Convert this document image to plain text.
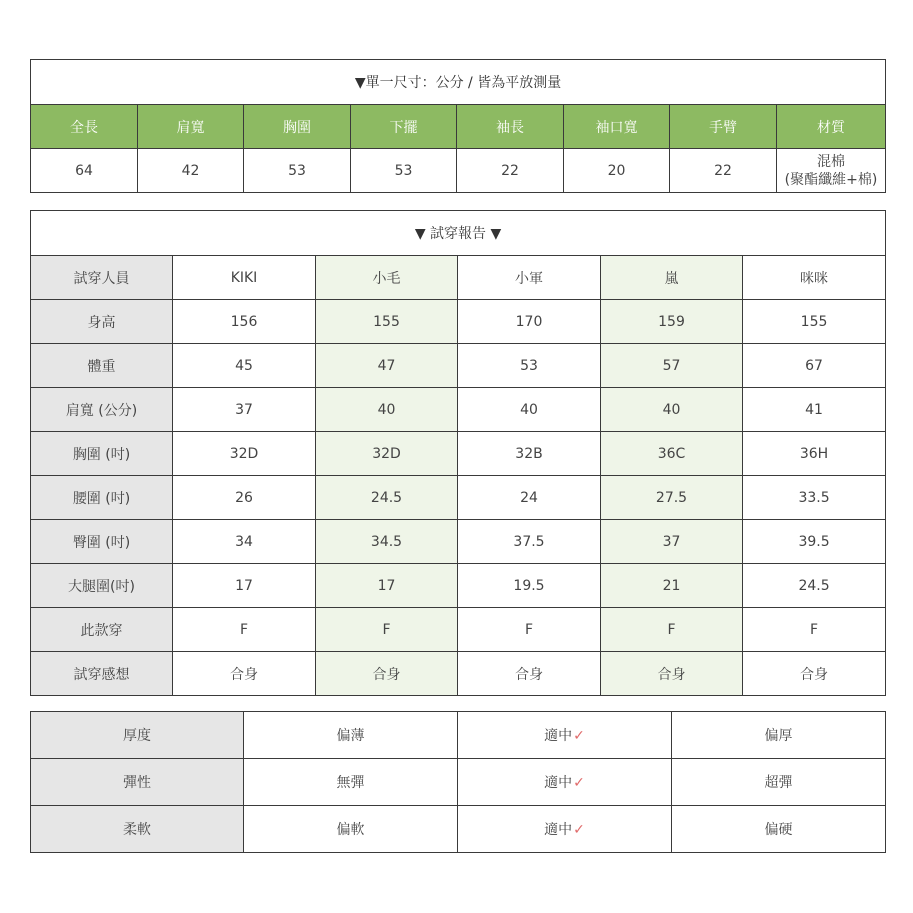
▼單一尺寸：公分 / 皆為平放測量							
全長	肩寬	胸圍	下擺	袖長	袖口寬	手臂	材質
64	42	53	53	22	20	22	混棉
(聚酯纖維+棉)
▼ 試穿報告 ▼					
試穿人員	KIKI	小毛	小軍	嵐	咪咪
身高	156	155	170	159	155
體重	45	47	53	57	67
肩寬 (公分)	37	40	40	40	41
胸圍 (吋)	32D	32D	32B	36C	36H
腰圍 (吋)	26	24.5	24	27.5	33.5
臀圍 (吋)	34	34.5	37.5	37	39.5
大腿圍(吋)	17	17	19.5	21	24.5
此款穿	F	F	F	F	F
試穿感想	合身	合身	合身	合身	合身
厚度	偏薄	適中✓	偏厚
彈性	無彈	適中✓	超彈
柔軟	偏軟	適中✓	偏硬
